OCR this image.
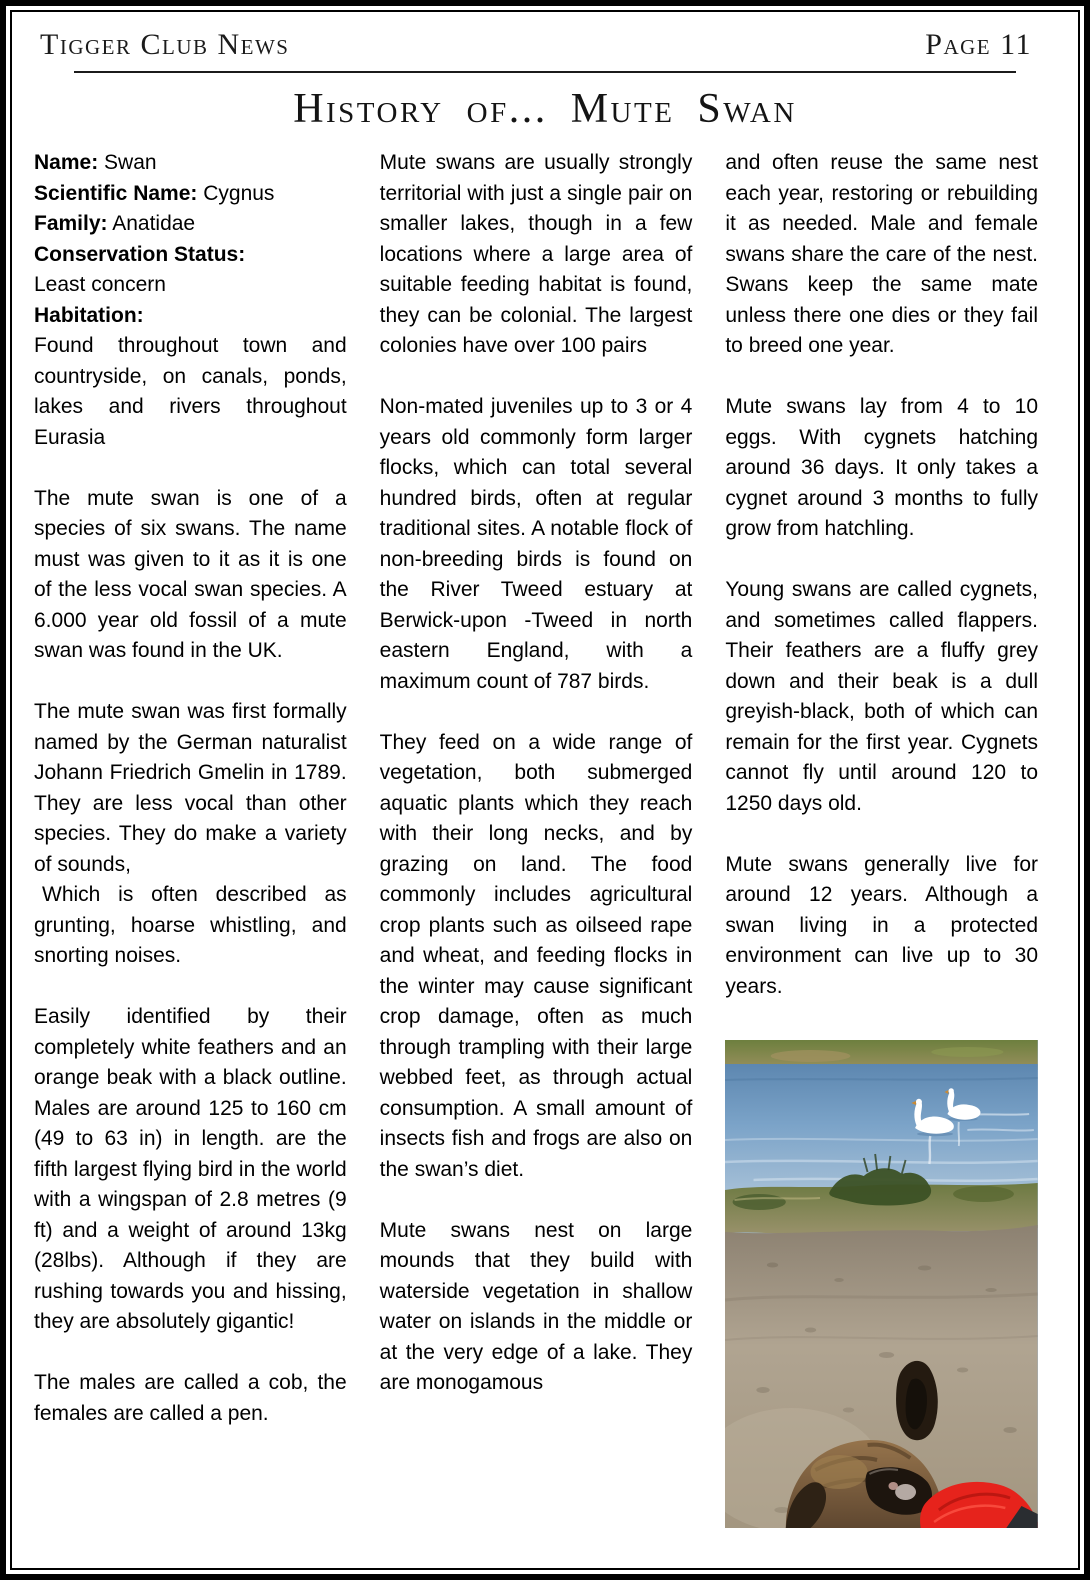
Tigger Club News	Page 11
History of... Mute Swan

Name: Swan

Scientific Name: Cygnus

Family: Anatidae

Conservation Status:

Least concern

Habitation:

Found throughout town and countryside, on canals, ponds, lakes and rivers throughout Eurasia

The mute swan is one of a species of six swans. The name must was given to it as it is one of the less vocal swan species. A 6.000 year old fossil of a mute swan was found in the UK.

The mute swan was first formally named by the German naturalist Johann Friedrich Gmelin in 1789. They are less vocal than other species. They do make a variety of sounds,

Which is often described as grunting, hoarse whistling, and snorting noises.

Easily identified by their completely white feathers and an orange beak with a black outline. Males are around 125 to 160 cm (49 to 63 in) in length. are the fifth largest flying bird in the world with a wingspan of 2.8 metres (9 ft) and a weight of around 13kg (28lbs). Although if they are rushing towards you and hissing, they are absolutely gigantic!

The males are called a cob, the females are called a pen.

Mute swans are usually strongly territorial with just a single pair on smaller lakes, though in a few locations where a large area of suitable feeding habitat is found, they can be colonial. The largest colonies have over 100 pairs

Non-mated juveniles up to 3 or 4 years old commonly form larger flocks, which can total several hundred birds, often at regular traditional sites. A notable flock of non-breeding birds is found on the River Tweed estuary at Berwick-upon -Tweed in north eastern England, with a maximum count of 787 birds.

They feed on a wide range of vegetation, both submerged aquatic plants which they reach with their long necks, and by grazing on land. The food commonly includes agricultural crop plants such as oilseed rape and wheat, and feeding flocks in the winter may cause significant crop damage, often as much through trampling with their large webbed feet, as through actual consumption. A small amount of insects fish and frogs are also on the swan’s diet.

Mute swans nest on large mounds that they build with waterside vegetation in shallow water on islands in the middle or at the very edge of a lake. They are monogamous

and often reuse the same nest each year, restoring or rebuilding it as needed. Male and female swans share the care of the nest. Swans keep the same mate unless there one dies or they fail to breed one year.

Mute swans lay from 4 to 10 eggs. With cygnets hatching around 36 days. It only takes a cygnet around 3 months to fully grow from hatchling.

Young swans are called cygnets, and sometimes called flappers. Their feathers are a fluffy grey down and their beak is a dull greyish-black, both of which can remain for the first year. Cygnets cannot fly until around 120 to 1250 days old.

Mute swans generally live for around 12 years. Although a swan living in a protected environment can live up to 30 years.
